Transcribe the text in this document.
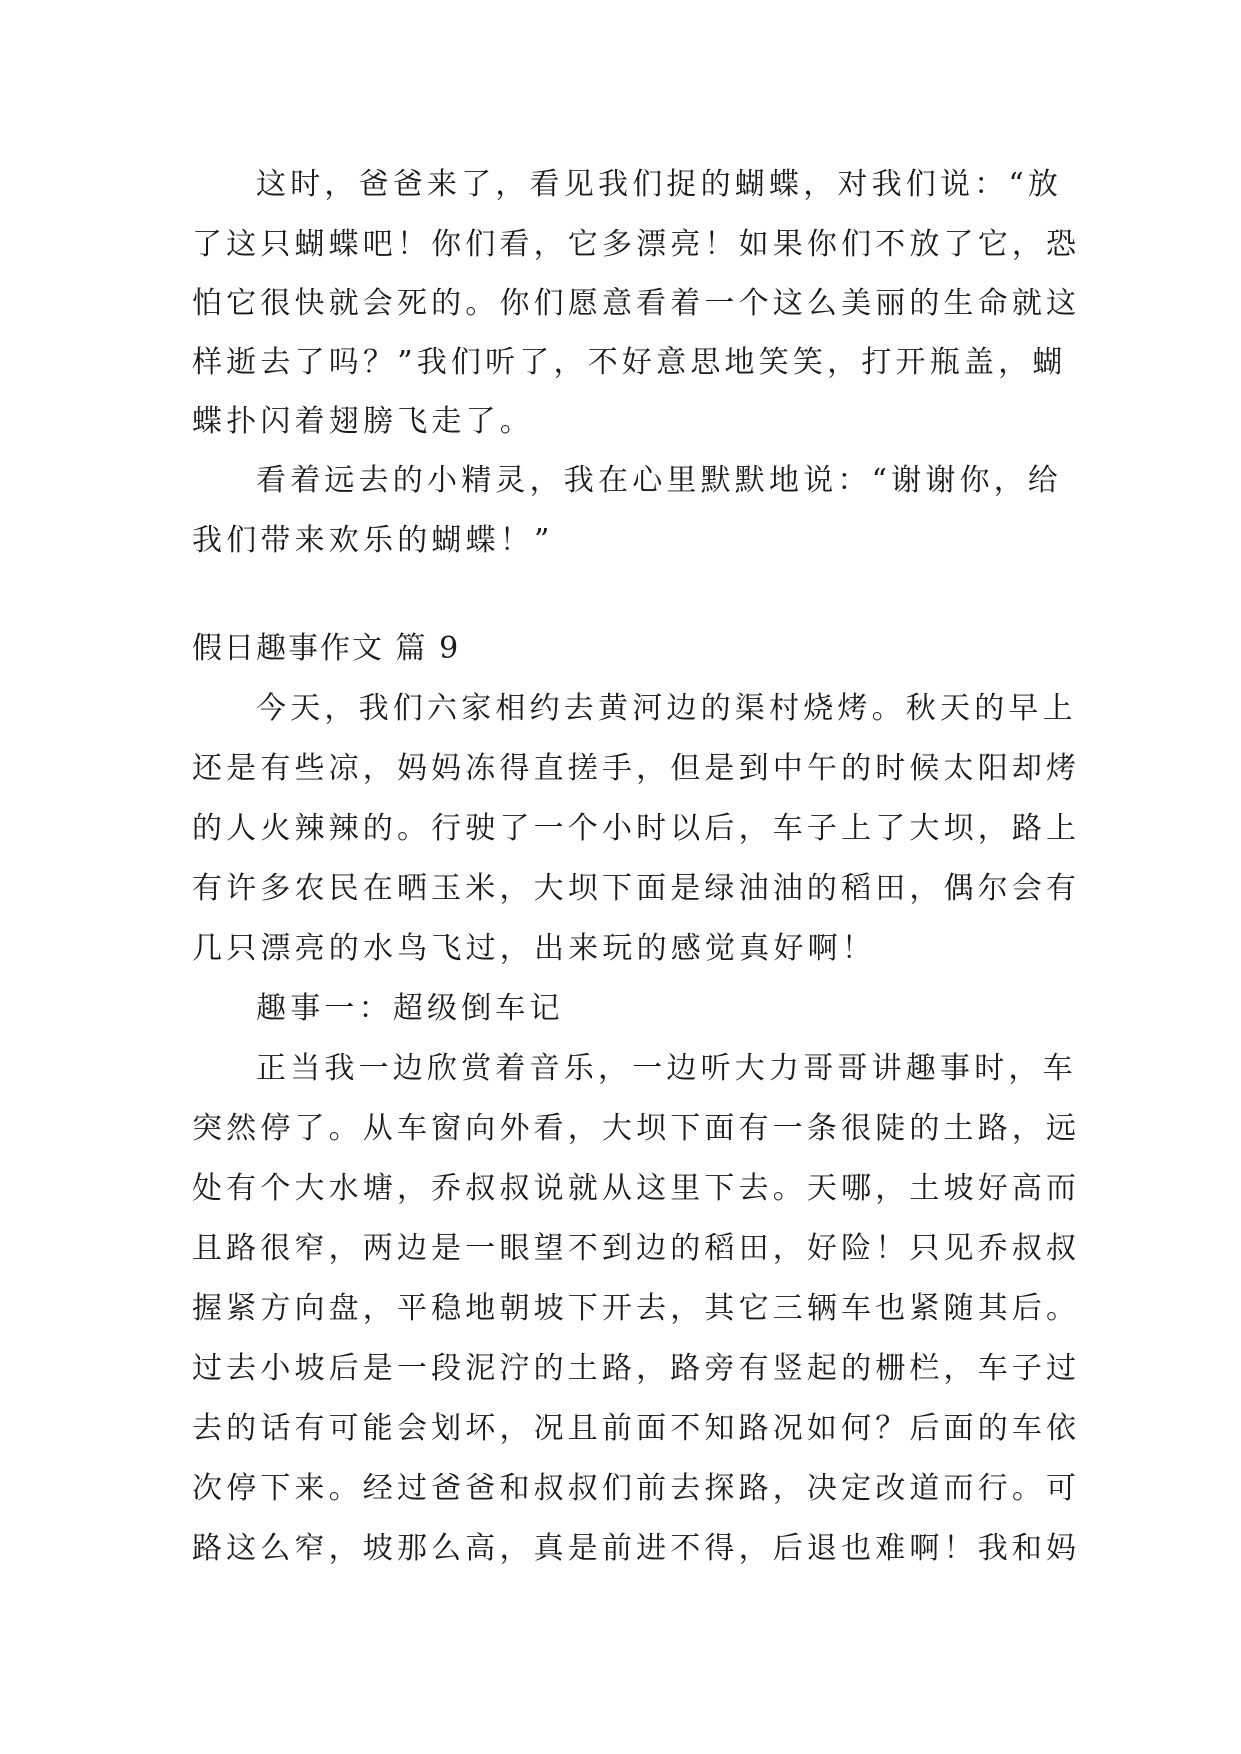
这时，爸爸来了，看见我们捉的蝴蝶，对我们说：“放
了这只蝴蝶吧！你们看，它多漂亮！如果你们不放了它，恐
怕它很快就会死的。你们愿意看着一个这么美丽的生命就这
样逝去了吗？”我们听了，不好意思地笑笑，打开瓶盖，蝴
蝶扑闪着翅膀飞走了。
看着远去的小精灵，我在心里默默地说：“谢谢你，给
我们带来欢乐的蝴蝶！”
假日趣事作文 篇 9
今天，我们六家相约去黄河边的渠村烧烤。秋天的早上
还是有些凉，妈妈冻得直搓手，但是到中午的时候太阳却烤
的人火辣辣的。行驶了一个小时以后，车子上了大坝，路上
有许多农民在晒玉米，大坝下面是绿油油的稻田，偶尔会有
几只漂亮的水鸟飞过，出来玩的感觉真好啊！
趣事一：超级倒车记
正当我一边欣赏着音乐，一边听大力哥哥讲趣事时，车
突然停了。从车窗向外看，大坝下面有一条很陡的土路，远
处有个大水塘，乔叔叔说就从这里下去。天哪，土坡好高而
且路很窄，两边是一眼望不到边的稻田，好险！只见乔叔叔
握紧方向盘，平稳地朝坡下开去，其它三辆车也紧随其后。
过去小坡后是一段泥泞的土路，路旁有竖起的栅栏，车子过
去的话有可能会划坏，况且前面不知路况如何？后面的车依
次停下来。经过爸爸和叔叔们前去探路，决定改道而行。可
路这么窄，坡那么高，真是前进不得，后退也难啊！我和妈
